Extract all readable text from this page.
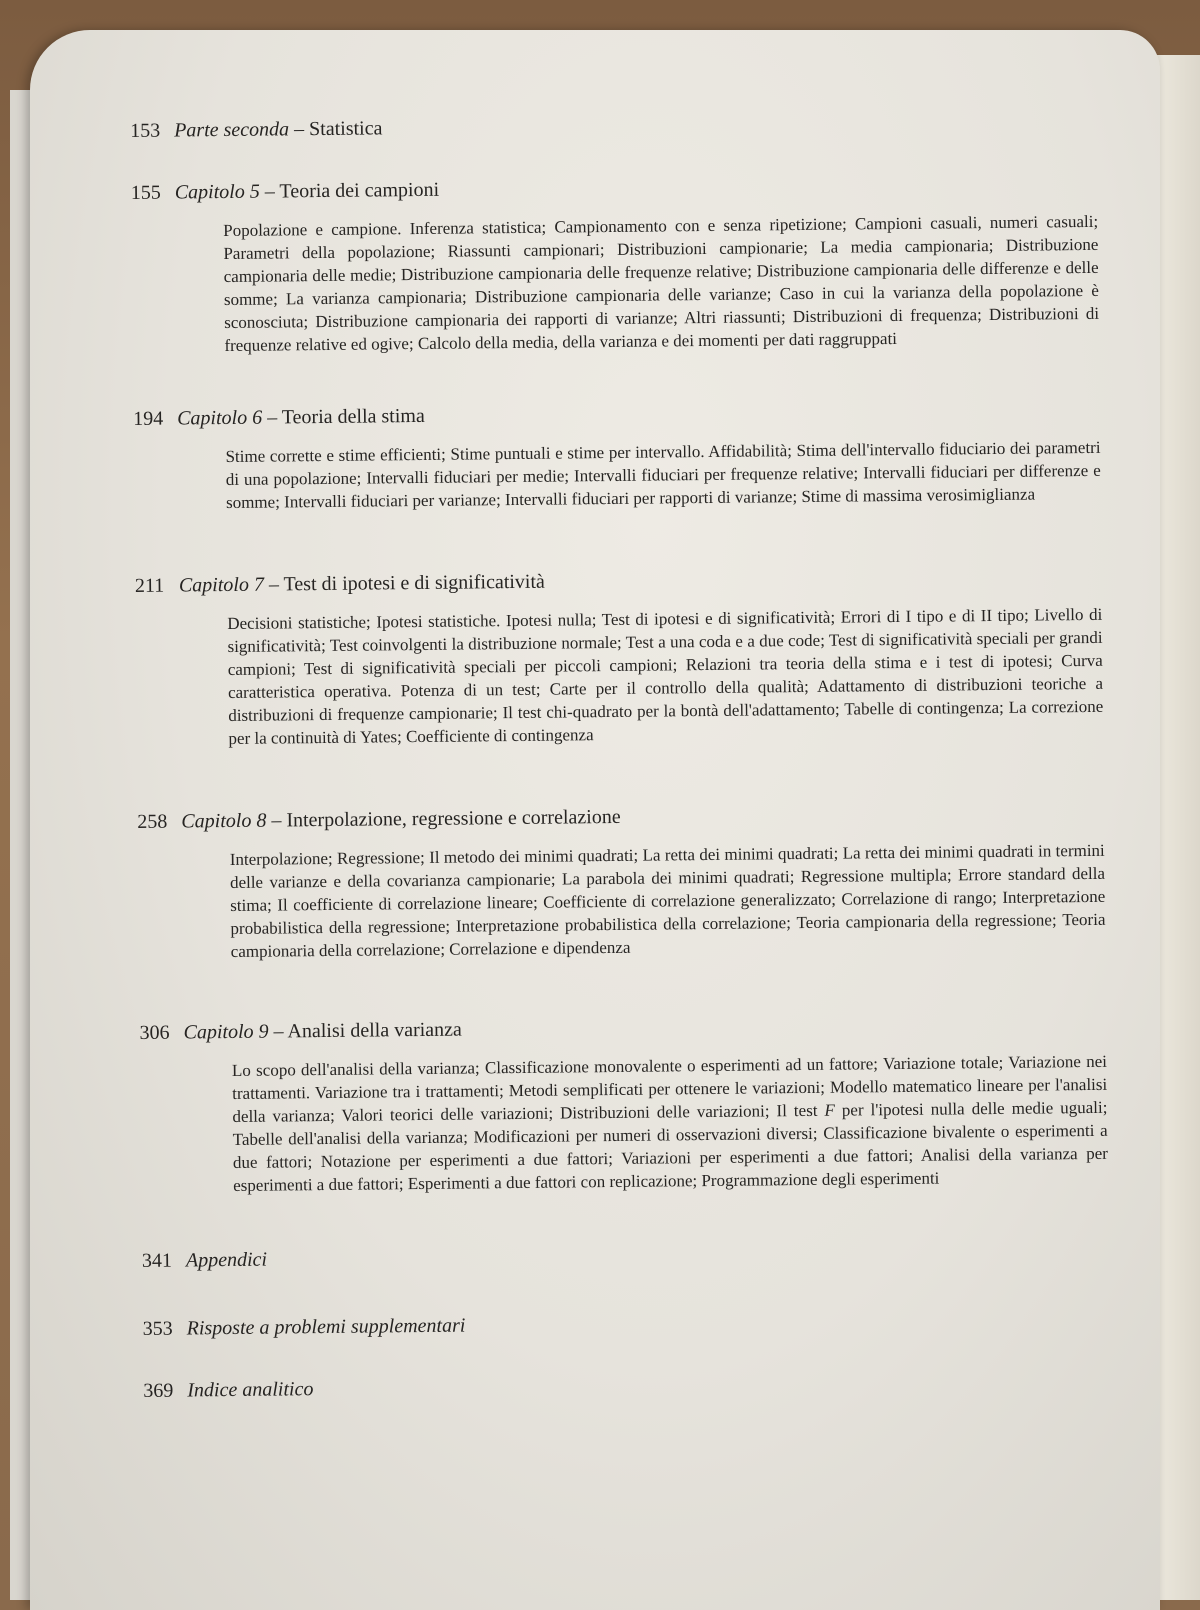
153 Parte seconda – Statistica
155 Capitolo 5 – Teoria dei campioni

Popolazione e campione. Inferenza statistica; Campionamento con e senza ripetizione; Campioni casuali, numeri casuali; Parametri della popolazione; Riassunti campionari; Distribuzioni campionarie; La media campionaria; Distribuzione campionaria delle medie; Distribuzione campionaria delle frequenze relative; Distribuzione campionaria delle differenze e delle somme; La varianza campionaria; Distribuzione campionaria delle varianze; Caso in cui la varianza della popolazione è sconosciuta; Distribuzione campionaria dei rapporti di varianze; Altri riassunti; Distribuzioni di frequenza; Distribuzioni di frequenze relative ed ogive; Calcolo della media, della varianza e dei momenti per dati raggruppati

194 Capitolo 6 – Teoria della stima

Stime corrette e stime efficienti; Stime puntuali e stime per intervallo. Affidabilità; Stima dell'intervallo fiduciario dei parametri di una popolazione; Intervalli fiduciari per medie; Intervalli fiduciari per frequenze relative; Intervalli fiduciari per differenze e somme; Intervalli fiduciari per varianze; Intervalli fiduciari per rapporti di varianze; Stime di massima verosimiglianza

211 Capitolo 7 – Test di ipotesi e di significatività

Decisioni statistiche; Ipotesi statistiche. Ipotesi nulla; Test di ipotesi e di significatività; Errori di I tipo e di II tipo; Livello di significatività; Test coinvolgenti la distribuzione normale; Test a una coda e a due code; Test di significatività speciali per grandi campioni; Test di significatività speciali per piccoli campioni; Relazioni tra teoria della stima e i test di ipotesi; Curva caratteristica operativa. Potenza di un test; Carte per il controllo della qualità; Adattamento di distribuzioni teoriche a distribuzioni di frequenze campionarie; Il test chi-quadrato per la bontà dell'adattamento; Tabelle di contingenza; La correzione per la continuità di Yates; Coefficiente di contingenza

258 Capitolo 8 – Interpolazione, regressione e correlazione

Interpolazione; Regressione; Il metodo dei minimi quadrati; La retta dei minimi quadrati; La retta dei minimi quadrati in termini delle varianze e della covarianza campionarie; La parabola dei minimi quadrati; Regressione multipla; Errore standard della stima; Il coefficiente di correlazione lineare; Coefficiente di correlazione generalizzato; Correlazione di rango; Interpretazione probabilistica della regressione; Interpretazione probabilistica della correlazione; Teoria campionaria della regressione; Teoria campionaria della correlazione; Correlazione e dipendenza

306 Capitolo 9 – Analisi della varianza

Lo scopo dell'analisi della varianza; Classificazione monovalente o esperimenti ad un fattore; Variazione totale; Variazione nei trattamenti. Variazione tra i trattamenti; Metodi semplificati per ottenere le variazioni; Modello matematico lineare per l'analisi della varianza; Valori teorici delle variazioni; Distribuzioni delle variazioni; Il test F per l'ipotesi nulla delle medie uguali; Tabelle dell'analisi della varianza; Modificazioni per numeri di osservazioni diversi; Classificazione bivalente o esperimenti a due fattori; Notazione per esperimenti a due fattori; Variazioni per esperimenti a due fattori; Analisi della varianza per esperimenti a due fattori; Esperimenti a due fattori con replicazione; Programmazione degli esperimenti

341 Appendici
353 Risposte a problemi supplementari
369 Indice analitico
